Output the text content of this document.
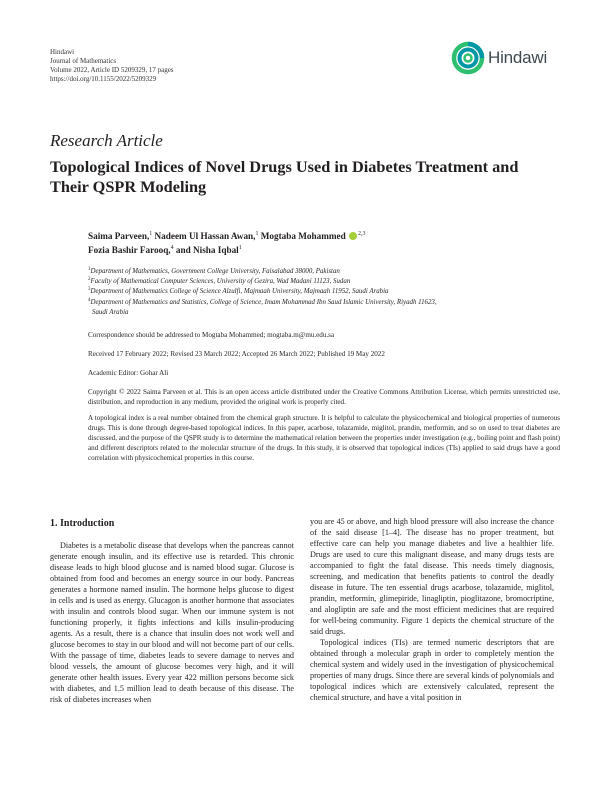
Hindawi
Journal of Mathematics
Volume 2022, Article ID 5209329, 17 pages
https://doi.org/10.1155/2022/5209329
Hindawi
Research Article
Topological Indices of Novel Drugs Used in Diabetes Treatment and Their QSPR Modeling
Saima Parveen,$^1$ Nadeem Ul Hassan Awan,$^1$ Mogtaba Mohammed $^{2,3}$
Fozia Bashir Farooq,$^4$ and Nisha Iqbal$^1$
$^1$Department of Mathematics, Government College University, Faisalabad 38000, Pakistan
$^2$Faculty of Mathematical Computer Sciences, University of Gezira, Wad Madani 11123, Sudan
$^3$Department of Mathematics College of Science Alzulfi, Majmaah University, Majmaah 11952, Saudi Arabia
$^4$Department of Mathematics and Statistics, College of Science, Imam Mohammad Ibn Saud Islamic University, Riyadh 11623,
Saudi Arabia
Correspondence should be addressed to Mogtaba Mohammed; mogtaba.m@mu.edu.sa
Received 17 February 2022; Revised 23 March 2022; Accepted 26 March 2022; Published 19 May 2022
Academic Editor: Gohar Ali
Copyright © 2022 Saima Parveen et al. This is an open access article distributed under the Creative Commons Attribution License, which permits unrestricted use, distribution, and reproduction in any medium, provided the original work is properly cited.
A topological index is a real number obtained from the chemical graph structure. It is helpful to calculate the physicochemical and biological properties of numerous drugs. This is done through degree-based topological indices. In this paper, acarbose, tolazamide, miglitol, prandin, metformin, and so on used to treat diabetes are discussed, and the purpose of the QSPR study is to determine the mathematical relation between the properties under investigation (e.g., boiling point and flash point) and different descriptors related to the molecular structure of the drugs. In this study, it is observed that topological indices (TIs) applied to said drugs have a good correlation with physicochemical properties in this course.
1. Introduction

Diabetes is a metabolic disease that develops when the pancreas cannot generate enough insulin, and its effective use is retarded. This chronic disease leads to high blood glucose and is named blood sugar. Glucose is obtained from food and becomes an energy source in our body. Pancreas generates a hormone named insulin. The hormone helps glucose to digest in cells and is used as energy. Glucagon is another hormone that associates with insulin and controls blood sugar. When our immune system is not functioning properly, it fights infections and kills insulin-producing agents. As a result, there is a chance that insulin does not work well and glucose becomes to stay in our blood and will not become part of our cells. With the passage of time, diabetes leads to severe damage to nerves and blood vessels, the amount of glucose becomes very high, and it will generate other health issues. Every year 422 million persons become sick with diabetes, and 1.5 million lead to death because of this disease. The risk of diabetes increases when

you are 45 or above, and high blood pressure will also increase the chance of the said disease [1–4]. The disease has no proper treatment, but effective care can help you manage diabetes and live a healthier life. Drugs are used to cure this malignant disease, and many drugs tests are accompanied to fight the fatal disease. This needs timely diagnosis, screening, and medication that benefits patients to control the deadly disease in future. The ten essential drugs acarbose, tolazamide, miglitol, prandin, metformin, glimepiride, linagliptin, pioglitazone, bromocriptine, and alogliptin are safe and the most efficient medicines that are required for well-being community. Figure 1 depicts the chemical structure of the said drugs.

Topological indices (TIs) are termed numeric descriptors that are obtained through a molecular graph in order to completely mention the chemical system and widely used in the investigation of physicochemical properties of many drugs. Since there are several kinds of polynomials and topological indices which are extensively calculated, represent the chemical structure, and have a vital position in
